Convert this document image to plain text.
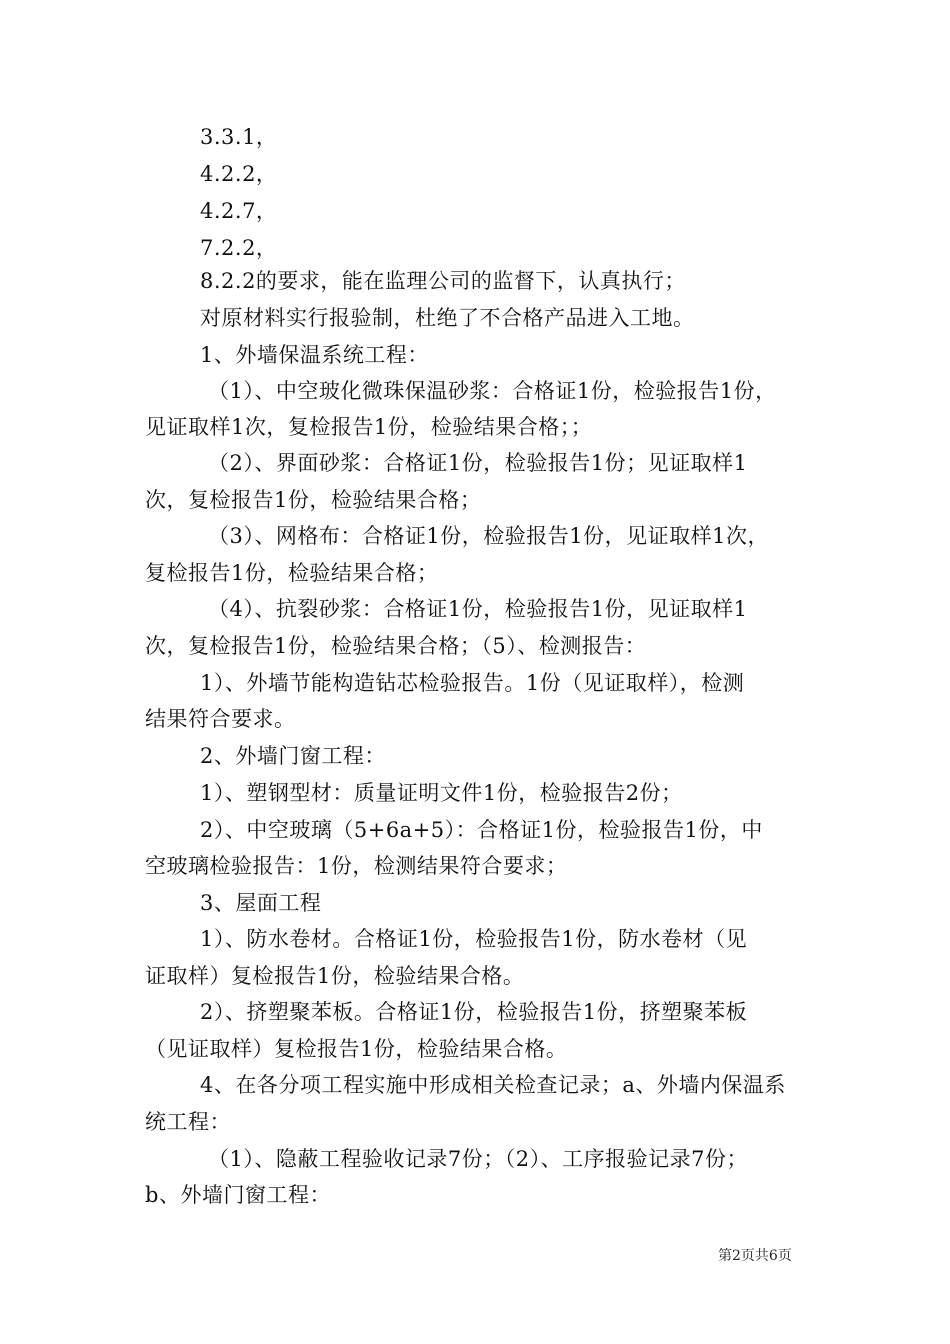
3.3.1，

4.2.2，

4.2.7，

7.2.2，

8.2.2的要求，能在监理公司的监督下，认真执行；

对原材料实行报验制，杜绝了不合格产品进入工地。

1、外墙保温系统工程：

（1）、中空玻化微珠保温砂浆：合格证1份，检验报告1份，

见证取样1次，复检报告1份，检验结果合格；；

（2）、界面砂浆：合格证1份，检验报告1份；见证取样1

次，复检报告1份，检验结果合格；

（3）、网格布：合格证1份，检验报告1份，见证取样1次，

复检报告1份，检验结果合格；

（4）、抗裂砂浆：合格证1份，检验报告1份，见证取样1

次，复检报告1份，检验结果合格；（5）、检测报告：

1）、外墙节能构造钻芯检验报告。1份（见证取样），检测

结果符合要求。

2、外墙门窗工程：

1）、塑钢型材：质量证明文件1份，检验报告2份；

2）、中空玻璃（5+6a+5）：合格证1份，检验报告1份，中

空玻璃检验报告：1份，检测结果符合要求；

3、屋面工程

1）、防水卷材。合格证1份，检验报告1份，防水卷材（见

证取样）复检报告1份，检验结果合格。

2）、挤塑聚苯板。合格证1份，检验报告1份，挤塑聚苯板

（见证取样）复检报告1份，检验结果合格。

4、在各分项工程实施中形成相关检查记录；a、外墙内保温系

统工程：

（1）、隐蔽工程验收记录7份；（2）、工序报验记录7份；

b、外墙门窗工程：

第2页共6页
